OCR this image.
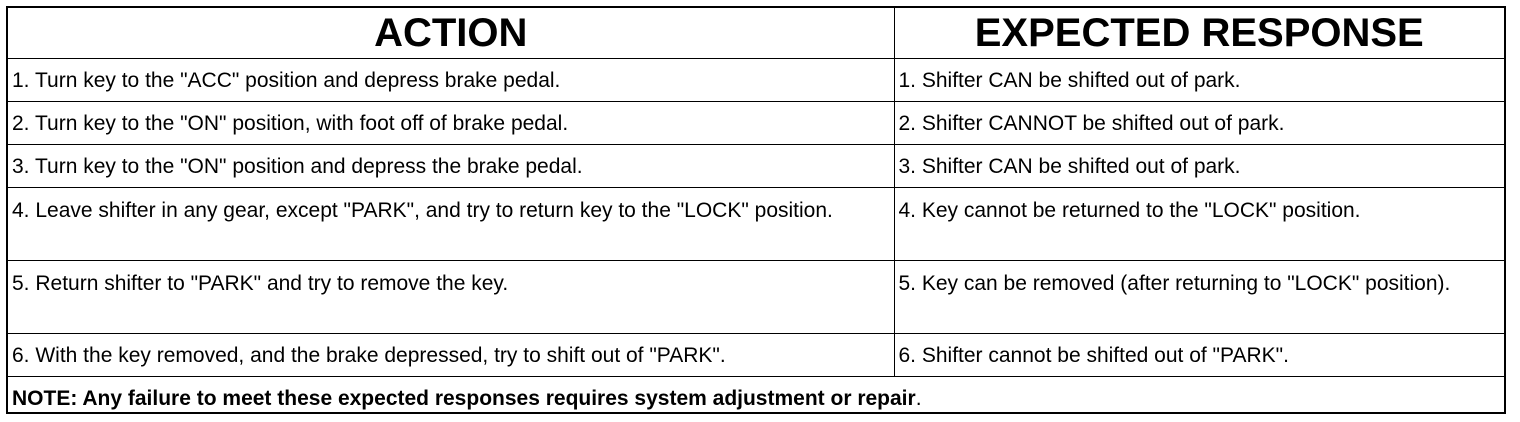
ACTION	EXPECTED RESPONSE
1. Turn key to the "ACC" position and depress brake pedal.	1. Shifter CAN be shifted out of park.
2. Turn key to the "ON" position, with foot off of brake pedal.	2. Shifter CANNOT be shifted out of park.
3. Turn key to the "ON" position and depress the brake pedal.	3. Shifter CAN be shifted out of park.
4. Leave shifter in any gear, except "PARK", and try to return key to the "LOCK" position.	4. Key cannot be returned to the "LOCK" position.
5. Return shifter to "PARK" and try to remove the key.	5. Key can be removed (after returning to "LOCK" position).
6. With the key removed, and the brake depressed, try to shift out of "PARK".	6. Shifter cannot be shifted out of "PARK".
NOTE: Any failure to meet these expected responses requires system adjustment or repair.	
